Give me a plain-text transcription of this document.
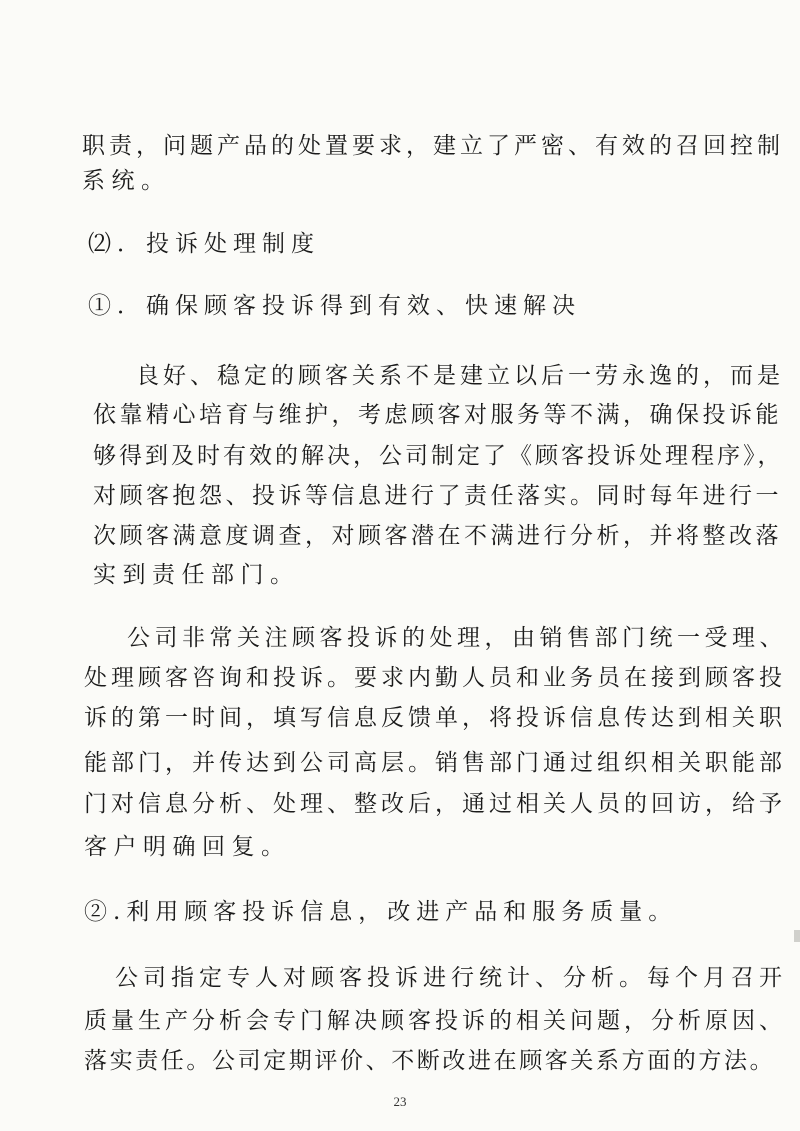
职责，问题产品的处置要求，建立了严密、有效的召回控制
系统。
⑵．投诉处理制度
①．确保顾客投诉得到有效、快速解决
良好、稳定的顾客关系不是建立以后一劳永逸的，而是
依靠精心培育与维护，考虑顾客对服务等不满，确保投诉能
够得到及时有效的解决，公司制定了《顾客投诉处理程序》，
对顾客抱怨、投诉等信息进行了责任落实。同时每年进行一
次顾客满意度调查，对顾客潜在不满进行分析，并将整改落
实到责任部门。
公司非常关注顾客投诉的处理，由销售部门统一受理、
处理顾客咨询和投诉。要求内勤人员和业务员在接到顾客投
诉的第一时间，填写信息反馈单，将投诉信息传达到相关职
能部门，并传达到公司高层。销售部门通过组织相关职能部
门对信息分析、处理、整改后，通过相关人员的回访，给予
客户明确回复。
②.利用顾客投诉信息，改进产品和服务质量。
公司指定专人对顾客投诉进行统计、分析。每个月召开
质量生产分析会专门解决顾客投诉的相关问题，分析原因、
落实责任。公司定期评价、不断改进在顾客关系方面的方法。
23
